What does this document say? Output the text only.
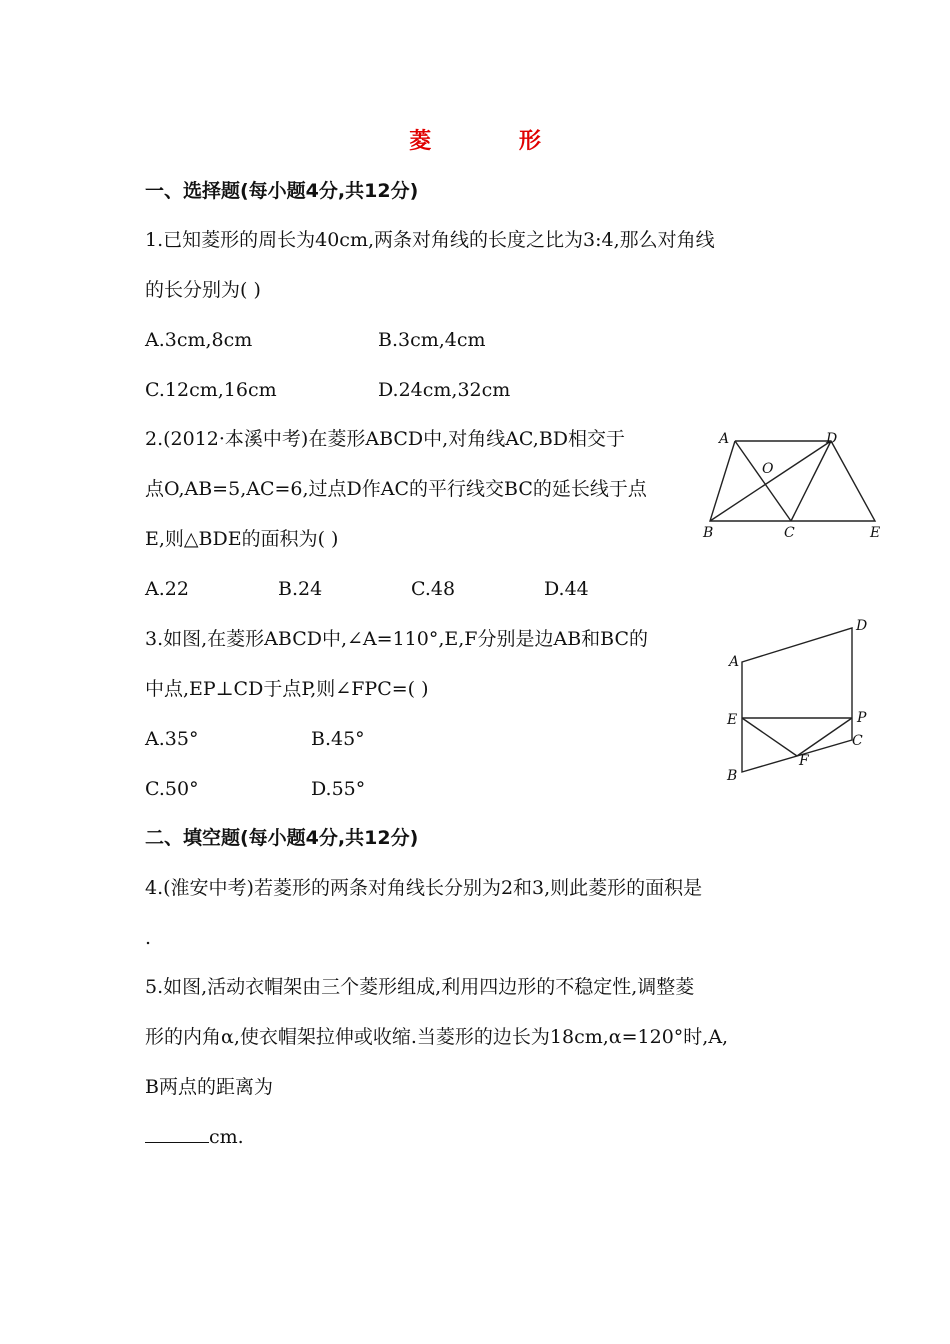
菱 形
一、选择题(每小题4分,共12分)
1.已知菱形的周长为40cm,两条对角线的长度之比为3:4,那么对角线
的长分别为( )
A.3cm,8cm	B.3cm,4cm
C.12cm,16cm	D.24cm,32cm
2.(2012·本溪中考)在菱形ABCD中,对角线AC,BD相交于
点O,AB=5,AC=6,过点D作AC的平行线交BC的延长线于点
E,则△BDE的面积为( )
A.22	B.24	C.48	D.44
A	D
O
B	C	E
3.如图,在菱形ABCD中,∠A=110°,E,F分别是边AB和BC的
中点,EP⊥CD于点P,则∠FPC=( )
A.35°	B.45°
C.50°	D.55°
D
A
E	P
C
F
B
二、填空题(每小题4分,共12分)
4.(淮安中考)若菱形的两条对角线长分别为2和3,则此菱形的面积是
.
5.如图,活动衣帽架由三个菱形组成,利用四边形的不稳定性,调整菱
形的内角α,使衣帽架拉伸或收缩.当菱形的边长为18cm,α=120°时,A,
B两点的距离为
cm.
